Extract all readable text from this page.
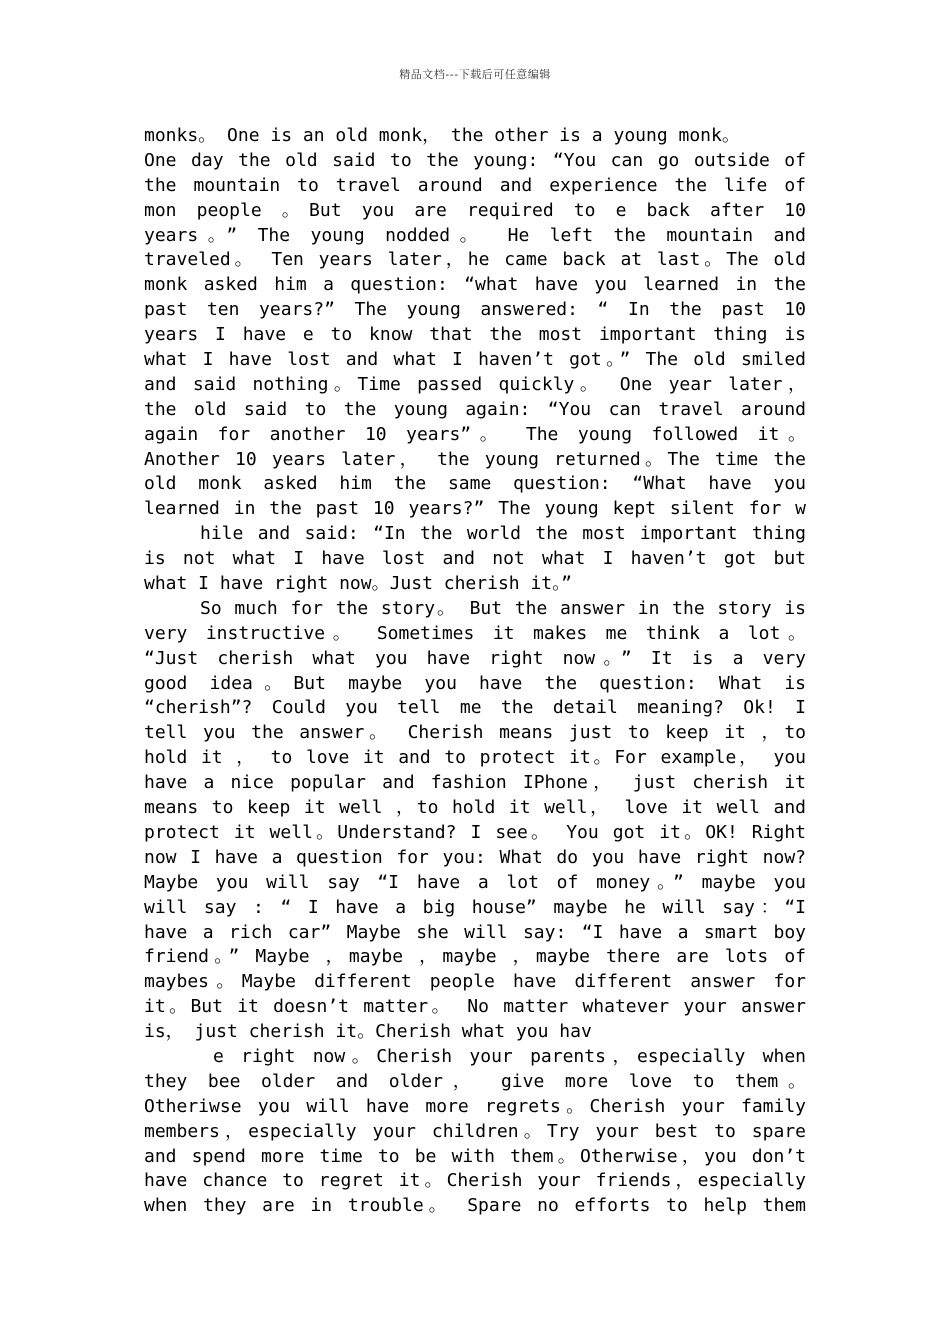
精品文档---下载后可任意编辑
monks。 One is an old monk， the other is a young monk。
One day the old said to the young: “You can go outside of
the mountain to travel around and experience the life of
mon people 。But you are required to e back after 10
years。” The young nodded。 He left the mountain and
traveled。 Ten years later，he came back at last。The old
monk asked him a question: “what have you learned in the
past ten years?” The young answered: “ In the past 10
years I have e to know that the most important thing is
what I have lost and what I haven’t got。” The old smiled
and said nothing。Time passed quickly。 One year later，
the old said to the young again: “You can travel around
again for another 10 years”。 The young followed it。
Another 10 years later， the young returned。The time the
old monk asked him the same question: “What have you
learned in the past 10 years?” The young kept silent for w
hile and said: “In the world the most important thing
is not what I have lost and not what I haven’t got but
what I have right now。Just cherish it。”
So much for the story。 But the answer in the story is
very instructive。 Sometimes it makes me think a lot。
“Just cherish what you have right now。” It is a very
good idea。But maybe you have the question: What is
“cherish”? Could you tell me the detail meaning? Ok! I
tell you the answer。 Cherish means just to keep it ，to
hold it ， to love it and to protect it。For example， you
have a nice popular and fashion IPhone， just cherish it
means to keep it well ，to hold it well， love it well and
protect it well。Understand? I see。 You got it。OK! Right
now I have a question for you: What do you have right now?
Maybe you will say “I have a lot of money。” maybe you
will say : “ I have a big house” maybe he will say：“I
have a rich car” Maybe she will say: “I have a smart boy
friend。” Maybe ，maybe ，maybe ，maybe there are lots of
maybes。Maybe different people have different answer for
it。But it doesn’t matter。 No matter whatever your answer
is， just cherish it。Cherish what you hav
e right now。Cherish your parents，especially when
they bee older and older， give more love to them。
Otheriwse you will have more regrets。Cherish your family
members，especially your children。Try your best to spare
and spend more time to be with them。Otherwise，you don’t
have chance to regret it。Cherish your friends，especially
when they are in trouble。 Spare no efforts to help them
